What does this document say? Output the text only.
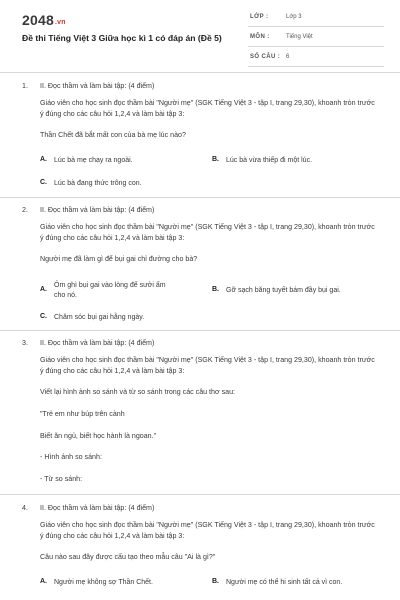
2048.vn
Đề thi Tiếng Việt 3 Giữa học kì 1 có đáp án (Đề 5)
LỚP :	Lớp 3
MÔN :	Tiếng Việt
SỐ CÂU : 6
1. II. Đọc thầm và làm bài tập: (4 điểm)
Giáo viên cho học sinh đọc thầm bài "Người mẹ" (SGK Tiếng Việt 3 - tập I, trang 29,30), khoanh tròn trước ý đúng cho các câu hỏi 1,2,4 và làm bài tập 3:
Thần Chết đã bắt mất con của bà mẹ lúc nào?
A. Lúc bà mẹ chạy ra ngoài.	B. Lúc bà vừa thiếp đi một lúc.
C. Lúc bà đang thức trông con.
2. II. Đọc thầm và làm bài tập: (4 điểm)
Giáo viên cho học sinh đọc thầm bài "Người mẹ" (SGK Tiếng Việt 3 - tập I, trang 29,30), khoanh tròn trước ý đúng cho các câu hỏi 1,2,4 và làm bài tập 3:
Người mẹ đã làm gì để bụi gai chỉ đường cho bà?
A.
Ôm ghì bụi gai vào lòng để sưởi ấm cho nó.
B. Gỡ sạch băng tuyết bám đầy bụi gai.
C. Chăm sóc bụi gai hằng ngày.
3. II. Đọc thầm và làm bài tập: (4 điểm)
Giáo viên cho học sinh đọc thầm bài "Người mẹ" (SGK Tiếng Việt 3 - tập I, trang 29,30), khoanh tròn trước ý đúng cho các câu hỏi 1,2,4 và làm bài tập 3:
Viết lại hình ảnh so sánh và từ so sánh trong các câu thơ sau:
"Trẻ em như búp trên cành
Biết ăn ngủ, biết học hành là ngoan."
- Hình ảnh so sánh:
- Từ so sánh:
4. II. Đọc thầm và làm bài tập: (4 điểm)
Giáo viên cho học sinh đọc thầm bài "Người mẹ" (SGK Tiếng Việt 3 - tập I, trang 29,30), khoanh tròn trước ý đúng cho các câu hỏi 1,2,4 và làm bài tập 3:
Câu nào sau đây được cấu tạo theo mẫu câu "Ai là gì?"
A. Người mẹ không sợ Thần Chết.	B. Người mẹ có thể hi sinh tất cả vì con.
